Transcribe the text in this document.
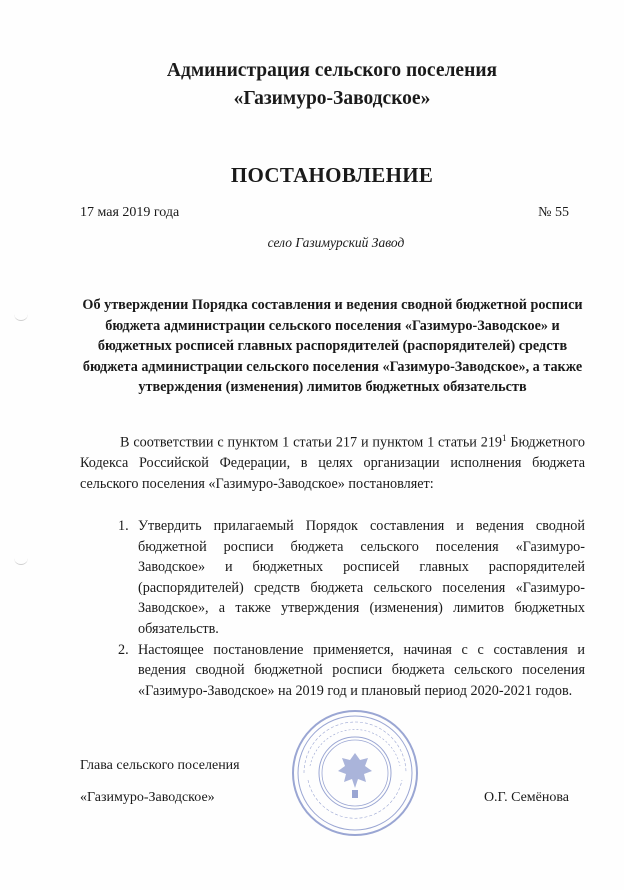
Администрация сельского поселения
«Газимуро-Заводское»
ПОСТАНОВЛЕНИЕ
17 мая 2019 года	№ 55
село Газимурский Завод
Об утверждении Порядка составления и ведения сводной бюджетной росписи бюджета администрации сельского поселения «Газимуро-Заводское» и бюджетных росписей главных распорядителей (распорядителей) средств бюджета администрации сельского поселения «Газимуро-Заводское», а также утверждения (изменения) лимитов бюджетных обязательств
В соответствии с пунктом 1 статьи 217 и пунктом 1 статьи $219^1$ Бюджетного Кодекса Российской Федерации, в целях организации исполнения бюджета сельского поселения «Газимуро-Заводское» постановляет:
1. Утвердить прилагаемый Порядок составления и ведения сводной бюджетной росписи бюджета сельского поселения «Газимуро-Заводское» и бюджетных росписей главных распорядителей (распорядителей) средств бюджета сельского поселения «Газимуро-Заводское», а также утверждения (изменения) лимитов бюджетных обязательств.
2. Настоящее постановление применяется, начиная с с составления и ведения сводной бюджетной росписи бюджета сельского поселения «Газимуро-Заводское» на 2019 год и плановый период 2020-2021 годов.
Глава сельского поселения
«Газимуро-Заводское»	О.Г. Семёнова
